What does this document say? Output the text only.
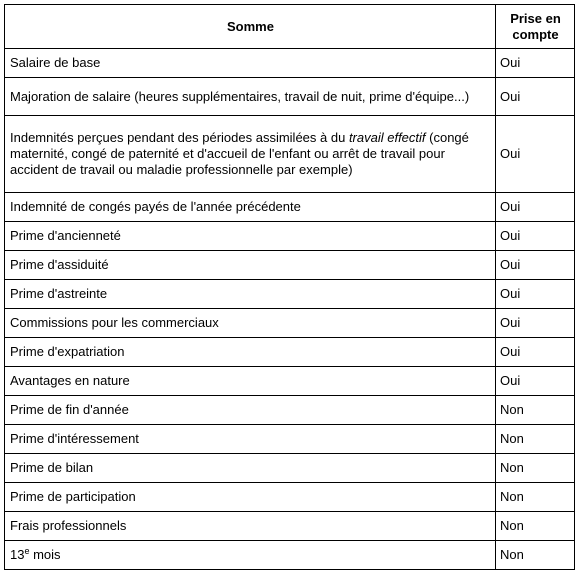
Somme	Prise en compte
Salaire de base	Oui
Majoration de salaire (heures supplémentaires, travail de nuit, prime d'équipe...)	Oui
Indemnités perçues pendant des périodes assimilées à du travail effectif (congé maternité, congé de paternité et d'accueil de l'enfant ou arrêt de travail pour accident de travail ou maladie professionnelle par exemple)	Oui
Indemnité de congés payés de l'année précédente	Oui
Prime d'ancienneté	Oui
Prime d'assiduité	Oui
Prime d'astreinte	Oui
Commissions pour les commerciaux	Oui
Prime d'expatriation	Oui
Avantages en nature	Oui
Prime de fin d'année	Non
Prime d'intéressement	Non
Prime de bilan	Non
Prime de participation	Non
Frais professionnels	Non
13e mois	Non
